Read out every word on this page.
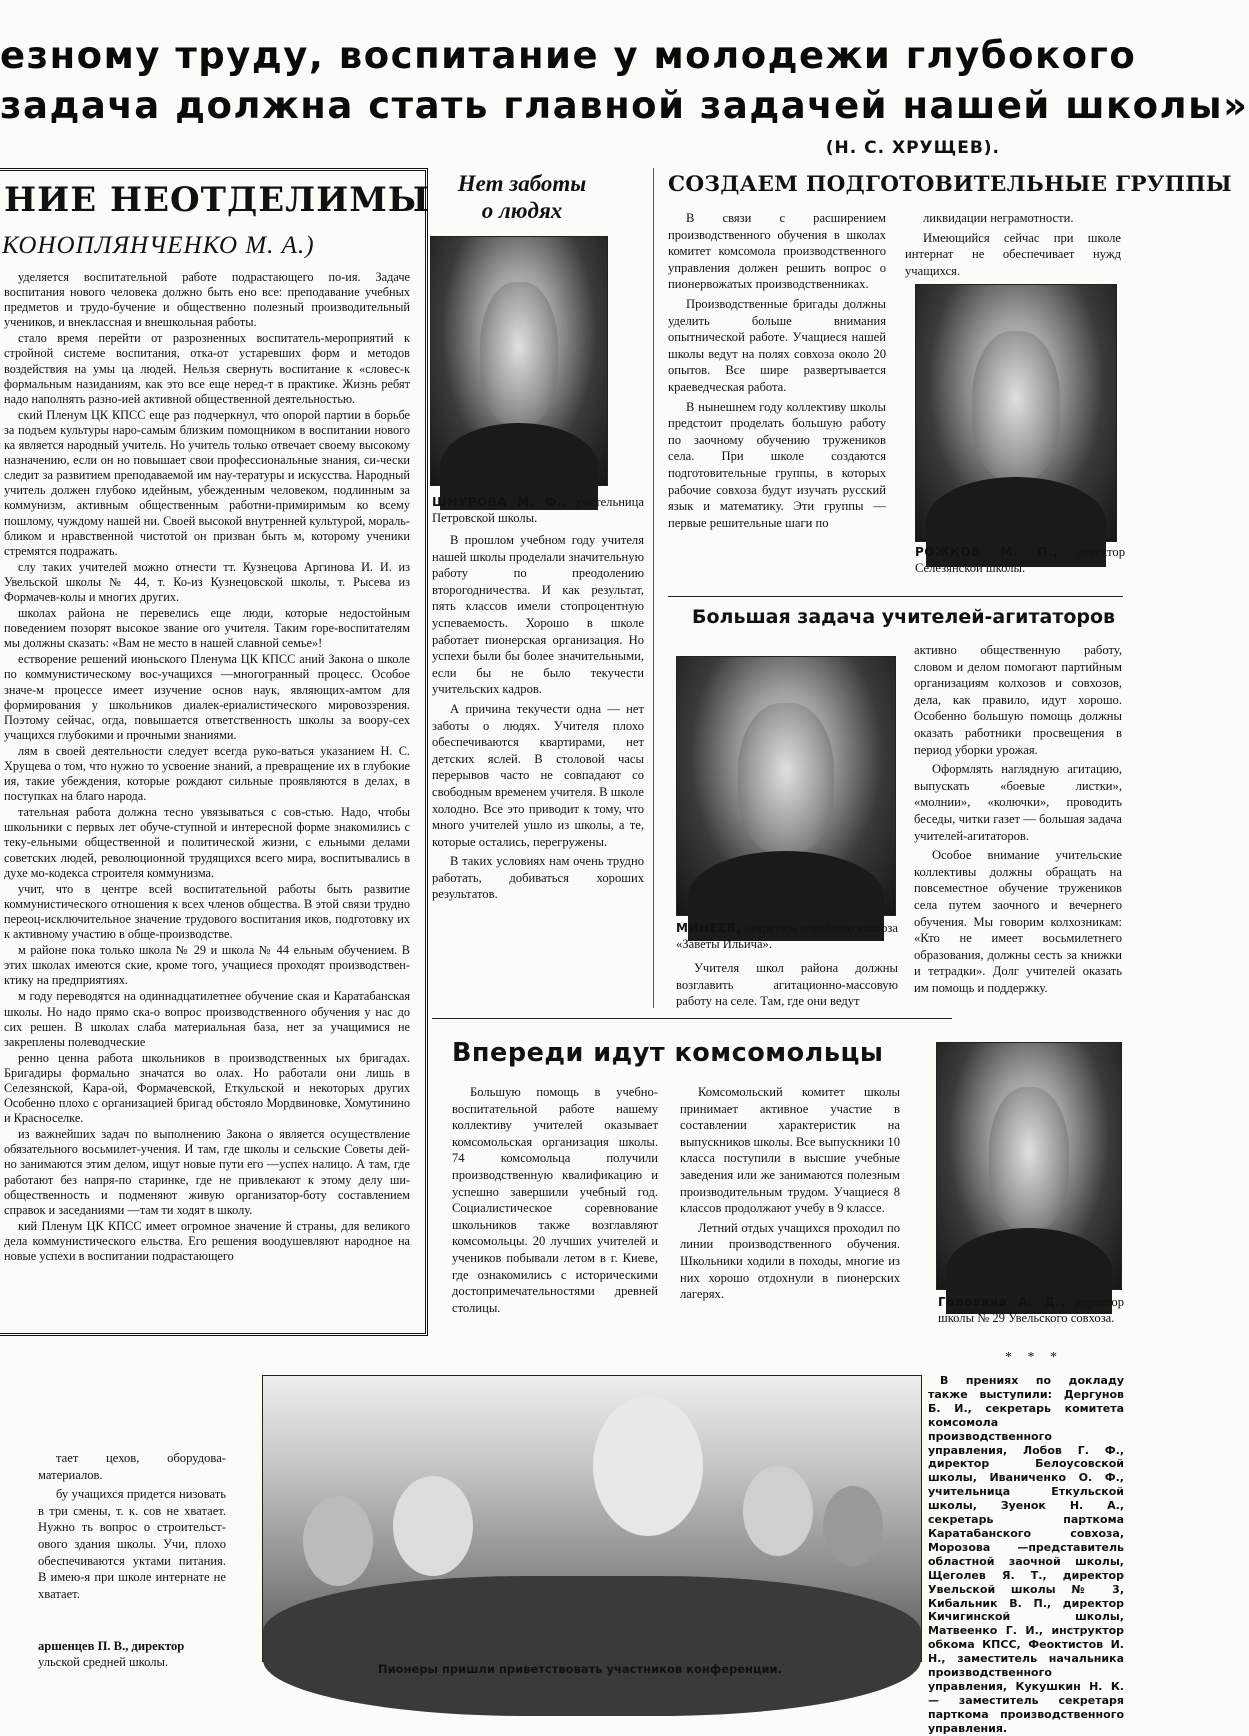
езному труду, воспитание у молодежи глубокого
задача должна стать главной задачей нашей школы»
(Н. С. ХРУЩЕВ).
НИЕ НЕОТДЕЛИМЫ
КОНОПЛЯНЧЕНКО М. А.)

уделяется воспитательной работе подрастающего по-ия. Задаче воспитания нового человека должно быть ено все: преподавание учебных предметов и трудо-бучение и общественно полезный производительный учеников, и внеклассная и внешкольная работы.

стало время перейти от разрозненных воспитатель-мероприятий к стройной системе воспитания, отка-от устаревших форм и методов воздействия на умы ца людей. Нельзя свернуть воспитание к «словес-к формальным назиданиям, как это все еще неред-т в практике. Жизнь ребят надо наполнять разно-ией активной общественной деятельностью.

ский Пленум ЦК КПСС еще раз подчеркнул, что опорой партии в борьбе за подъем культуры наро-самым близким помощником в воспитании нового ка является народный учитель. Но учитель только отвечает своему высокому назначению, если он но повышает свои профессиональные знания, си-чески следит за развитием преподаваемой им нау-тературы и искусства. Народный учитель должен глубоко идейным, убежденным человеком, подлинным за коммунизм, активным общественным работни-примиримым ко всему пошлому, чуждому нашей ни. Своей высокой внутренней культурой, мораль-бликом и нравственной чистотой он призван быть м, которому ученики стремятся подражать.

слу таких учителей можно отнести тт. Кузнецова Аргинова И. И. из Увельской школы № 44, т. Ко-из Кузнецовской школы, т. Рысева из Формачев-колы и многих других.

школах района не перевелись еще люди, которые недостойным поведением позорят высокое звание ого учителя. Таким горе-воспитателям мы должны сказать: «Вам не место в нашей славной семье»!

естворение решений июньского Пленума ЦК КПСС аний Закона о школе по коммунистическому вос-учащихся —многогранный процесс. Особое значе-м процессе имеет изучение основ наук, являющих-амтом для формирования у школьников диалек-ериалистического мировоззрения. Поэтому сейчас, огда, повышается ответственность школы за воору-сех учащихся глубокими и прочными знаниями.

лям в своей деятельности следует всегда руко-ваться указанием Н. С. Хрущева о том, что нужно то усвоение знаний, а превращение их в глубокие ия, такие убеждения, которые рождают сильные проявляются в делах, в поступках на благо народа.

тательная работа должна тесно увязываться с сов-стью. Надо, чтобы школьники с первых лет обуче-ступной и интересной форме знакомились с теку-ельными общественной и политической жизни, с ельными делами советских людей, революционной трудящихся всего мира, воспитывались в духе мо-кодекса строителя коммунизма.

учит, что в центре всей воспитательной работы быть развитие коммунистического отношения к всех членов общества. В этой связи трудно переоц-исключительное значение трудового воспитания иков, подготовку их к активному участию в обще-производстве.

м районе пока только школа № 29 и школа № 44 ельным обучением. В этих школах имеются ские, кроме того, учащиеся проходят производствен-ктику на предприятиях.

м году переводятся на одиннадцатилетнее обучение ская и Каратабанская школы. Но надо прямо ска-о вопрос производственного обучения у нас до сих решен. В школах слаба материальная база, нет за учащимися не закреплены полеводческие

ренно ценна работа школьников в производственных ых бригадах. Бригадиры формально значатся во олах. Но работали они лишь в Селезянской, Кара-ой, Формачевской, Еткульской и некоторых других Особенно плохо с организацией бригад обстояло Мордвиновке, Хомутинино и Красноселке.

из важнейших задач по выполнению Закона о является осуществление обязательного восьмилет-учения. И там, где школы и сельские Советы дей-но занимаются этим делом, ищут новые пути его —успех налицо. А там, где работают без напря-по старинке, где не привлекают к этому делу ши-общественность и подменяют живую организатор-боту составлением справок и заседаниями —там ти ходят в школу.

кий Пленум ЦК КПСС имеет огромное значение й страны, для великого дела коммунистического ельства. Его решения воодушевляют народное на новые успехи в воспитании подрастающего

тает цехов, оборудова-материалов.

бу учащихся придется низовать в три смены, т. к. сов не хватает. Нужно ть вопрос о строительст-ового здания школы. Учи, плохо обеспечиваются уктами питания. В имею-я при школе интернате не хватает.

аршенцев П. В., директор
ульской средней школы.
Нет заботы
о людях
ШНУРОВА М. Ф., учительница Петровской школы.

В прошлом учебном году учителя нашей школы проделали значительную работу по преодолению второгодничества. И как результат, пять классов имели стопроцентную успеваемость. Хорошо в школе работает пионерская организация. Но успехи были бы более значительными, если бы не было текучести учительских кадров.

А причина текучести одна — нет заботы о людях. Учителя плохо обеспечиваются квартирами, нет детских яслей. В столовой часы перерывов часто не совпадают со свободным временем учителя. В школе холодно. Все это приводит к тому, что много учителей ушло из школы, а те, которые остались, перегружены.

В таких условиях нам очень трудно работать, добиваться хороших результатов.

СОЗДАЕМ ПОДГОТОВИТЕЛЬНЫЕ ГРУППЫ

В связи с расширением производственного обучения в школах комитет комсомола производственного управления должен решить вопрос о пионервожатых производственниках.

Производственные бригады должны уделить больше внимания опытнической работе. Учащиеся нашей школы ведут на полях совхоза около 20 опытов. Все шире развертывается краеведческая работа.

В нынешнем году коллективу школы предстоит проделать большую работу по заочному обучению тружеников села. При школе создаются подготовительные группы, в которых рабочие совхоза будут изучать русский язык и математику. Эти группы — первые решительные шаги по

ликвидации неграмотности.

Имеющийся сейчас при школе интернат не обеспечивает нужд учащихся.

РОЖКОВ М. П., директор Селезянской школы.
Большая задача учителей-агитаторов
МИНЕЕВ, секретарь партбюро колхоза «Заветы Ильича».

Учителя школ района должны возглавить агитационно-массовую работу на селе. Там, где они ведут

активно общественную работу, словом и делом помогают партийным организациям колхозов и совхозов, дела, как правило, идут хорошо. Особенно большую помощь должны оказать работники просвещения в период уборки урожая.

Оформлять наглядную агитацию, выпускать «боевые листки», «молнии», «колючки», проводить беседы, читки газет — большая задача учителей-агитаторов.

Особое внимание учительские коллективы должны обращать на повсеместное обучение тружеников села путем заочного и вечернего обучения. Мы говорим колхозникам: «Кто не имеет восьмилетнего образования, должны сесть за книжки и тетрадки». Долг учителей оказать им помощь и поддержку.

Впереди идут комсомольцы

Большую помощь в учебно-воспитательной работе нашему коллективу учителей оказывает комсомольская организация школы. 74 комсомольца получили производственную квалификацию и успешно завершили учебный год. Социалистическое соревнование школьников также возглавляют комсомольцы. 20 лучших учителей и учеников побывали летом в г. Киеве, где ознакомились с историческими достопримечательностями древней столицы.

Комсомольский комитет школы принимает активное участие в составлении характеристик на выпускников школы. Все выпускники 10 класса поступили в высшие учебные заведения или же занимаются полезным производительным трудом. Учащиеся 8 классов продолжают учебу в 9 классе.

Летний отдых учащихся проходил по линии производственного обучения. Школьники ходили в походы, многие из них хорошо отдохнули в пионерских лагерях.

Головина А. Д., директор школы № 29 Увельского совхоза.
* * *

В прениях по докладу также выступили: Дергунов Б. И., секретарь комитета комсомола производственного управления, Лобов Г. Ф., директор Белоусовской школы, Иваниченко О. Ф., учительница Еткульской школы, Зуенок Н. А., секретарь парткома Каратабанского совхоза, Морозова —представитель областной заочной школы, Щеголев Я. Т., директор Увельской школы № 3, Кибальник В. П., директор Кичигинской школы, Матвеенко Г. И., инструктор обкома КПСС, Феоктистов И. Н., заместитель начальника производственного управления, Кукушкин Н. К. — заместитель секретаря парткома производственного управления.

Пионеры пришли приветствовать участников конференции.
